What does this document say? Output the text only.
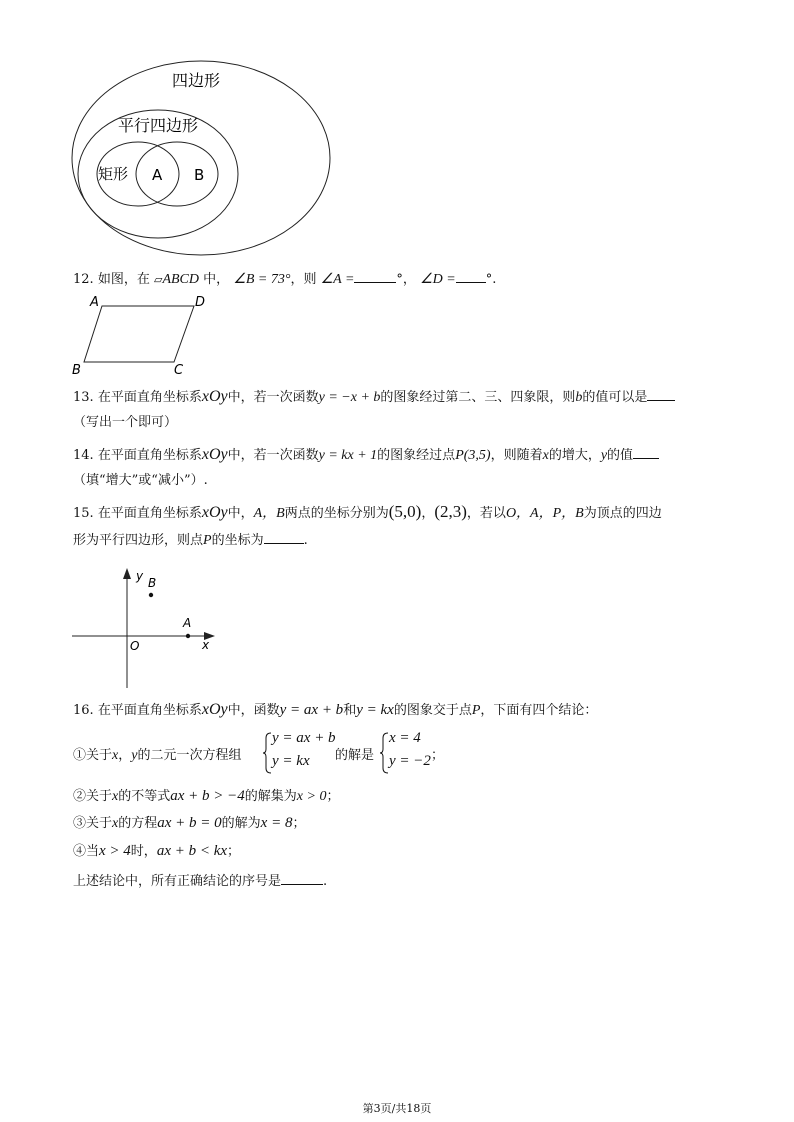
四边形
平行四边形
矩形 A B
12. 如图，在 ▱ABCD 中， ∠B = 73°，则 ∠A =	°， ∠D = °.
A	D
B	C
13. 在平面直角坐标系xOy中，若一次函数y = −x + b的图象经过第二、三、四象限，则b的值可以是
（写出一个即可）
14. 在平面直角坐标系xOy中，若一次函数y = kx + 1的图象经过点P(3,5)，则随着x的增大，y的值
（填“增大”或“减小”）.
15. 在平面直角坐标系xOy中，A，B两点的坐标分别为(5,0)，(2,3)，若以O，A，P，B为顶点的四边
形为平行四边形，则点P的坐标为	.
y
x
O
A
B
16. 在平面直角坐标系xOy中，函数y = ax + b和y = kx的图象交于点P，下面有四个结论：
①关于x，y的二元一次方程组
y = ax + b
y = kx 的解是
x = 4
y = −2 ；
②关于x的不等式ax + b > −4的解集为x > 0；
③关于x的方程ax + b = 0的解为x = 8；
④当x > 4时，ax + b < kx；
上述结论中，所有正确结论的序号是	.
第3页/共18页
